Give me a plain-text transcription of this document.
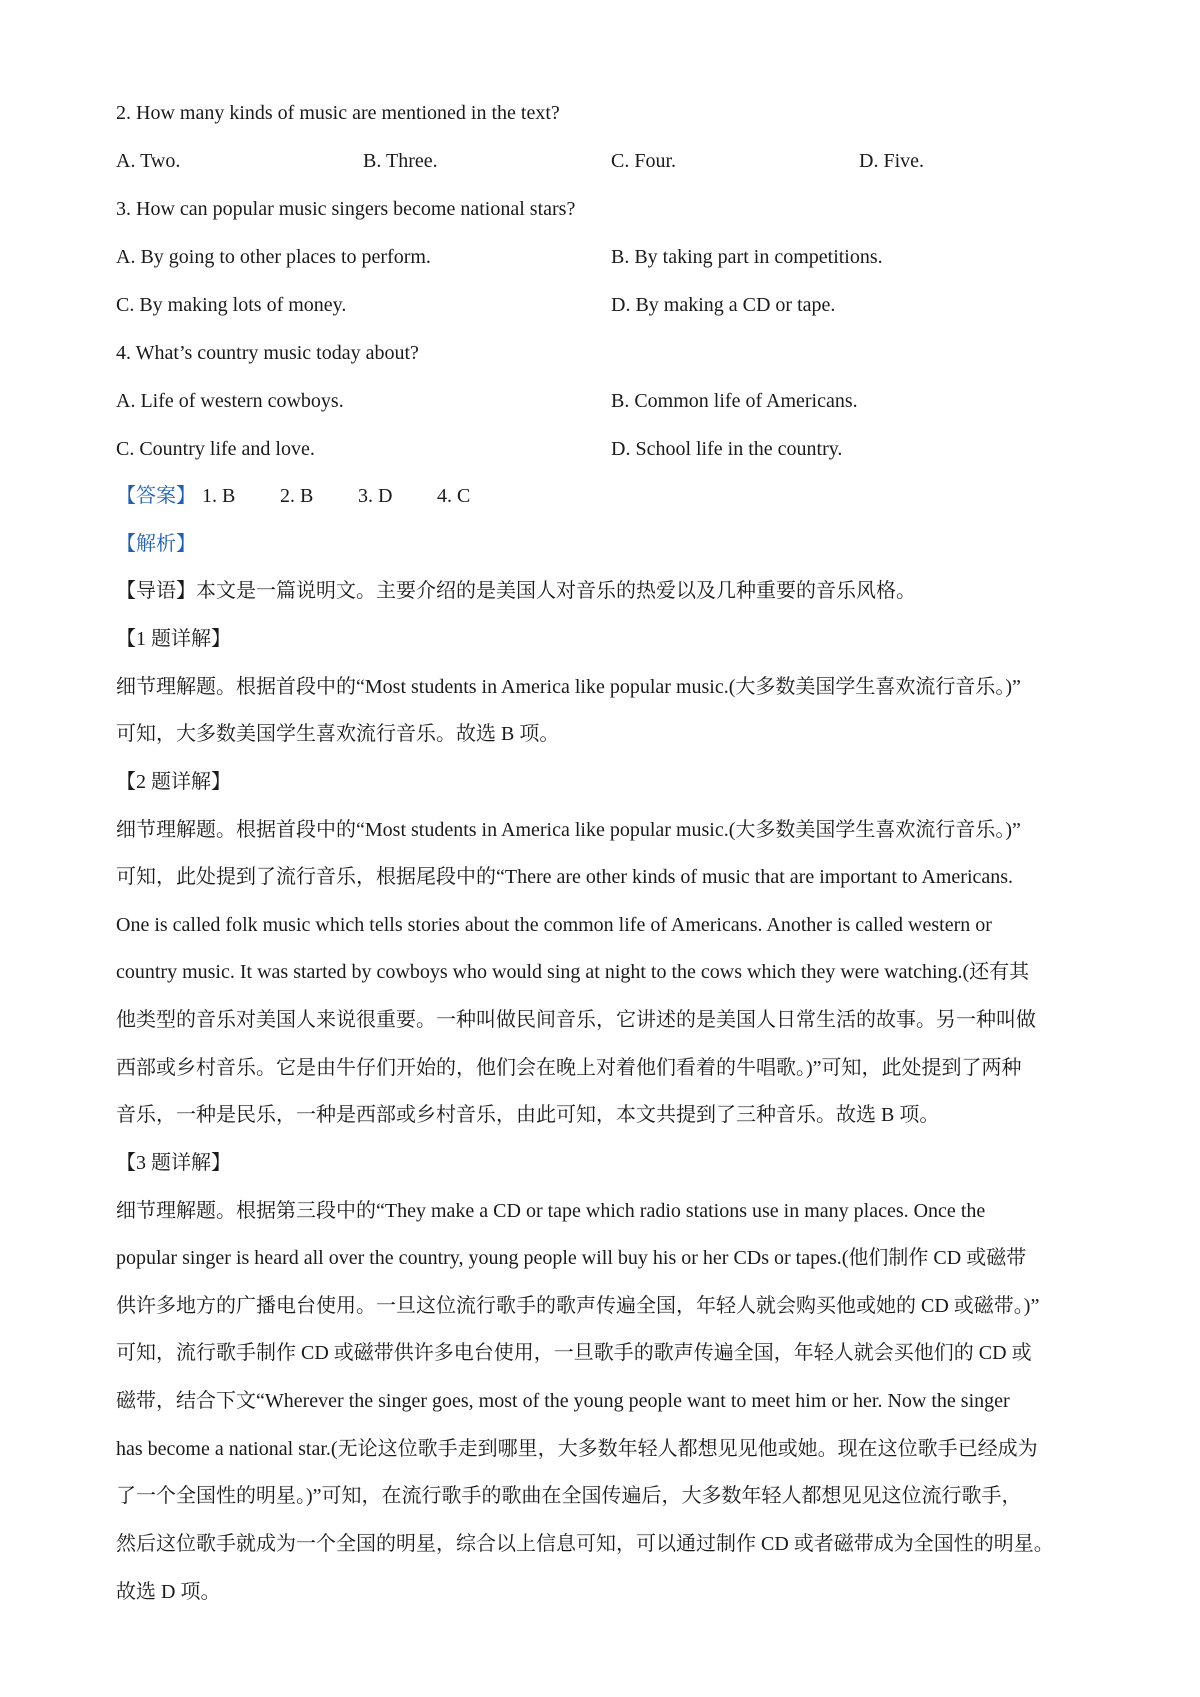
2. How many kinds of music are mentioned in the text?
A. Two.	B. Three.	C. Four.	D. Five.
3. How can popular music singers become national stars?
A. By going to other places to perform.	B. By taking part in competitions.
C. By making lots of money.	D. By making a CD or tape.
4. What’s country music today about?
A. Life of western cowboys.	B. Common life of Americans.
C. Country life and love.	D. School life in the country.
【答案】 1. B 2. B 3. D 4. C
【解析】
【导语】本文是一篇说明文。主要介绍的是美国人对音乐的热爱以及几种重要的音乐风格。
【1 题详解】
细节理解题。根据首段中的“Most students in America like popular music.(大多数美国学生喜欢流行音乐。)”
可知，大多数美国学生喜欢流行音乐。故选 B 项。
【2 题详解】
细节理解题。根据首段中的“Most students in America like popular music.(大多数美国学生喜欢流行音乐。)”
可知，此处提到了流行音乐，根据尾段中的“There are other kinds of music that are important to Americans.
One is called folk music which tells stories about the common life of Americans. Another is called western or
country music. It was started by cowboys who would sing at night to the cows which they were watching.(还有其
他类型的音乐对美国人来说很重要。一种叫做民间音乐，它讲述的是美国人日常生活的故事。另一种叫做
西部或乡村音乐。它是由牛仔们开始的，他们会在晚上对着他们看着的牛唱歌。)”可知，此处提到了两种
音乐，一种是民乐，一种是西部或乡村音乐，由此可知，本文共提到了三种音乐。故选 B 项。
【3 题详解】
细节理解题。根据第三段中的“They make a CD or tape which radio stations use in many places. Once the
popular singer is heard all over the country, young people will buy his or her CDs or tapes.(他们制作 CD 或磁带
供许多地方的广播电台使用。一旦这位流行歌手的歌声传遍全国，年轻人就会购买他或她的 CD 或磁带。)”
可知，流行歌手制作 CD 或磁带供许多电台使用，一旦歌手的歌声传遍全国，年轻人就会买他们的 CD 或
磁带，结合下文“Wherever the singer goes, most of the young people want to meet him or her. Now the singer
has become a national star.(无论这位歌手走到哪里，大多数年轻人都想见见他或她。现在这位歌手已经成为
了一个全国性的明星。)”可知，在流行歌手的歌曲在全国传遍后，大多数年轻人都想见见这位流行歌手，
然后这位歌手就成为一个全国的明星，综合以上信息可知，可以通过制作 CD 或者磁带成为全国性的明星。
故选 D 项。
